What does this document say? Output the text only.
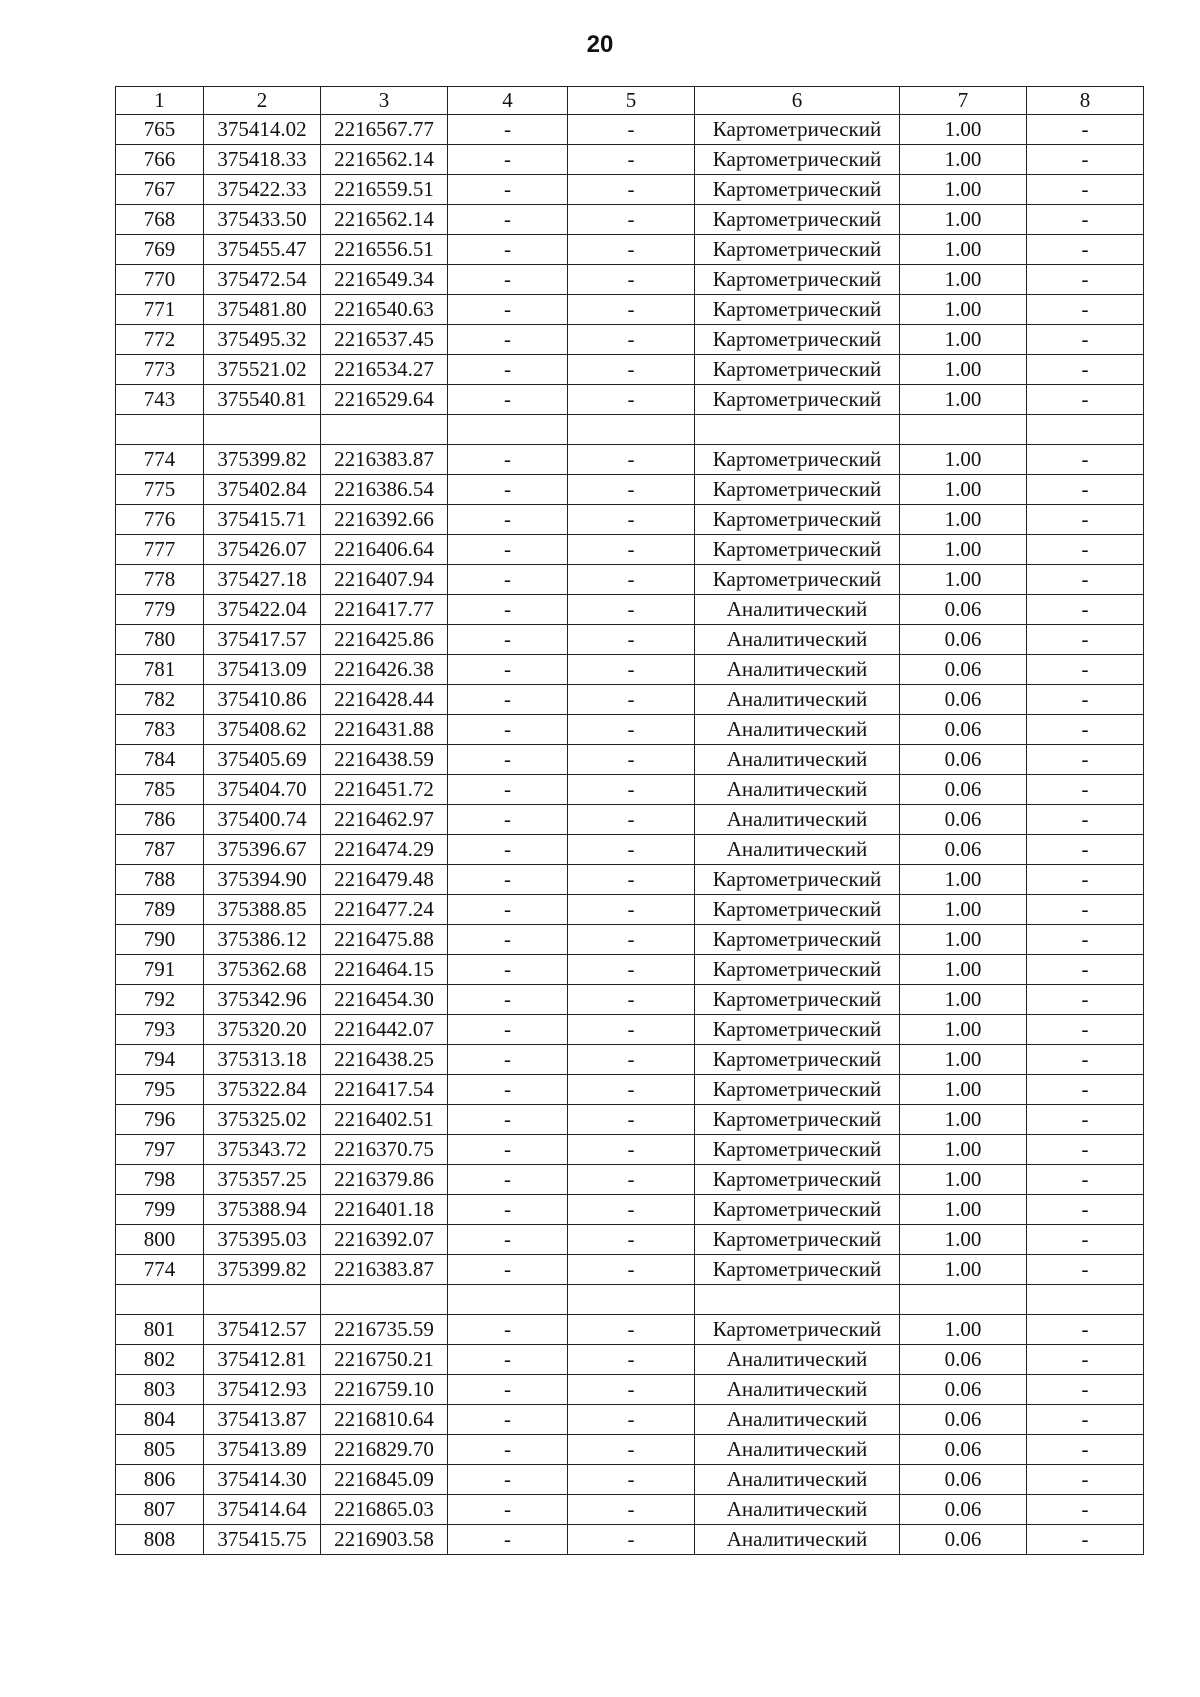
20
1	2	3	4	5	6	7	8
765	375414.02	2216567.77	-	-	Картометрический	1.00	-
766	375418.33	2216562.14	-	-	Картометрический	1.00	-
767	375422.33	2216559.51	-	-	Картометрический	1.00	-
768	375433.50	2216562.14	-	-	Картометрический	1.00	-
769	375455.47	2216556.51	-	-	Картометрический	1.00	-
770	375472.54	2216549.34	-	-	Картометрический	1.00	-
771	375481.80	2216540.63	-	-	Картометрический	1.00	-
772	375495.32	2216537.45	-	-	Картометрический	1.00	-
773	375521.02	2216534.27	-	-	Картометрический	1.00	-
743	375540.81	2216529.64	-	-	Картометрический	1.00	-

774	375399.82	2216383.87	-	-	Картометрический	1.00	-
775	375402.84	2216386.54	-	-	Картометрический	1.00	-
776	375415.71	2216392.66	-	-	Картометрический	1.00	-
777	375426.07	2216406.64	-	-	Картометрический	1.00	-
778	375427.18	2216407.94	-	-	Картометрический	1.00	-
779	375422.04	2216417.77	-	-	Аналитический	0.06	-
780	375417.57	2216425.86	-	-	Аналитический	0.06	-
781	375413.09	2216426.38	-	-	Аналитический	0.06	-
782	375410.86	2216428.44	-	-	Аналитический	0.06	-
783	375408.62	2216431.88	-	-	Аналитический	0.06	-
784	375405.69	2216438.59	-	-	Аналитический	0.06	-
785	375404.70	2216451.72	-	-	Аналитический	0.06	-
786	375400.74	2216462.97	-	-	Аналитический	0.06	-
787	375396.67	2216474.29	-	-	Аналитический	0.06	-
788	375394.90	2216479.48	-	-	Картометрический	1.00	-
789	375388.85	2216477.24	-	-	Картометрический	1.00	-
790	375386.12	2216475.88	-	-	Картометрический	1.00	-
791	375362.68	2216464.15	-	-	Картометрический	1.00	-
792	375342.96	2216454.30	-	-	Картометрический	1.00	-
793	375320.20	2216442.07	-	-	Картометрический	1.00	-
794	375313.18	2216438.25	-	-	Картометрический	1.00	-
795	375322.84	2216417.54	-	-	Картометрический	1.00	-
796	375325.02	2216402.51	-	-	Картометрический	1.00	-
797	375343.72	2216370.75	-	-	Картометрический	1.00	-
798	375357.25	2216379.86	-	-	Картометрический	1.00	-
799	375388.94	2216401.18	-	-	Картометрический	1.00	-
800	375395.03	2216392.07	-	-	Картометрический	1.00	-
774	375399.82	2216383.87	-	-	Картометрический	1.00	-

801	375412.57	2216735.59	-	-	Картометрический	1.00	-
802	375412.81	2216750.21	-	-	Аналитический	0.06	-
803	375412.93	2216759.10	-	-	Аналитический	0.06	-
804	375413.87	2216810.64	-	-	Аналитический	0.06	-
805	375413.89	2216829.70	-	-	Аналитический	0.06	-
806	375414.30	2216845.09	-	-	Аналитический	0.06	-
807	375414.64	2216865.03	-	-	Аналитический	0.06	-
808	375415.75	2216903.58	-	-	Аналитический	0.06	-
